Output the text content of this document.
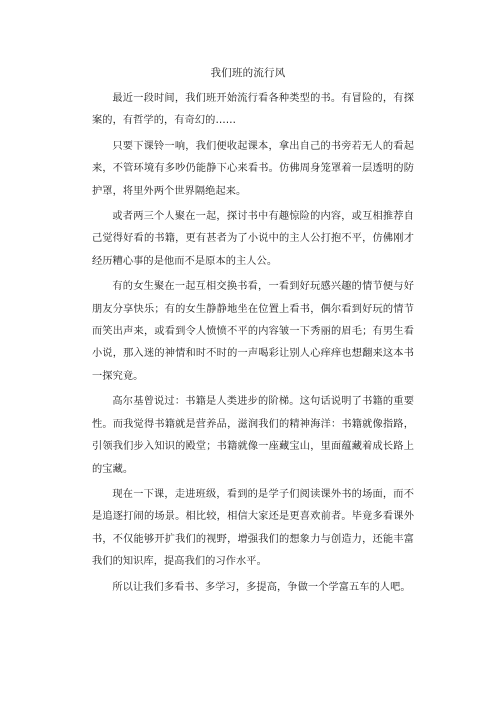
我们班的流行风

最近一段时间，我们班开始流行看各种类型的书。有冒险的，有探案的，有哲学的，有奇幻的……

只要下课铃一响，我们便收起课本，拿出自己的书旁若无人的看起来，不管环境有多吵仍能静下心来看书。仿佛周身笼罩着一层透明的防护罩，将里外两个世界隔绝起来。

或者两三个人聚在一起，探讨书中有趣惊险的内容，或互相推荐自己觉得好看的书籍，更有甚者为了小说中的主人公打抱不平，仿佛刚才经历糟心事的是他而不是原本的主人公。

有的女生聚在一起互相交换书看，一看到好玩感兴趣的情节便与好朋友分享快乐；有的女生静静地坐在位置上看书，偶尔看到好玩的情节而笑出声来，或看到令人愤愤不平的内容皱一下秀丽的眉毛；有男生看小说，那入迷的神情和时不时的一声喝彩让别人心痒痒也想翻来这本书一探究竟。

高尔基曾说过：书籍是人类进步的阶梯。这句话说明了书籍的重要性。而我觉得书籍就是营养品，滋润我们的精神海洋：书籍就像指路，引领我们步入知识的殿堂；书籍就像一座藏宝山，里面蕴藏着成长路上的宝藏。

现在一下课，走进班级，看到的是学子们阅读课外书的场面，而不是追逐打闹的场景。相比较，相信大家还是更喜欢前者。毕竟多看课外书，不仅能够开扩我们的视野，增强我们的想象力与创造力，还能丰富我们的知识库，提高我们的习作水平。

所以让我们多看书、多学习，多提高，争做一个学富五车的人吧。
